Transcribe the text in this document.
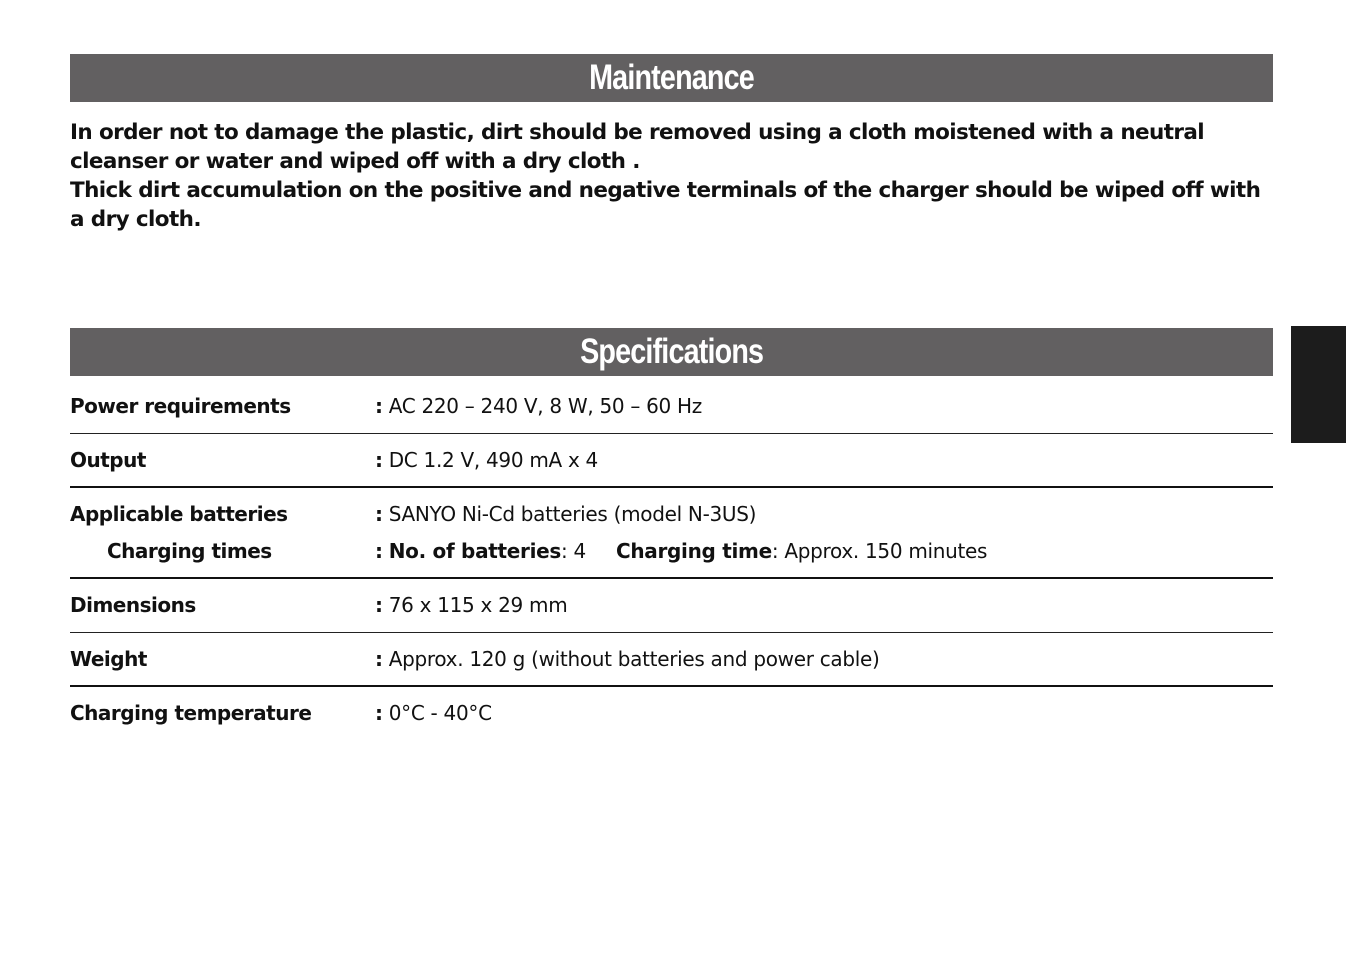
Maintenance

In order not to damage the plastic, dirt should be removed using a cloth moistened with a neutral cleanser or water and wiped off with a dry cloth .

Thick dirt accumulation on the positive and negative terminals of the charger should be wiped off with a dry cloth.

Specifications
Power requirements	: AC 220 – 240 V, 8 W, 50 – 60 Hz
Output	: DC 1.2 V, 490 mA x 4
Applicable batteries	: SANYO Ni-Cd batteries (model N-3US)
Charging times	: No. of batteries: 4 Charging time: Approx. 150 minutes
Dimensions	: 76 x 115 x 29 mm
Weight	: Approx. 120 g (without batteries and power cable)
Charging temperature	: 0°C - 40°C
